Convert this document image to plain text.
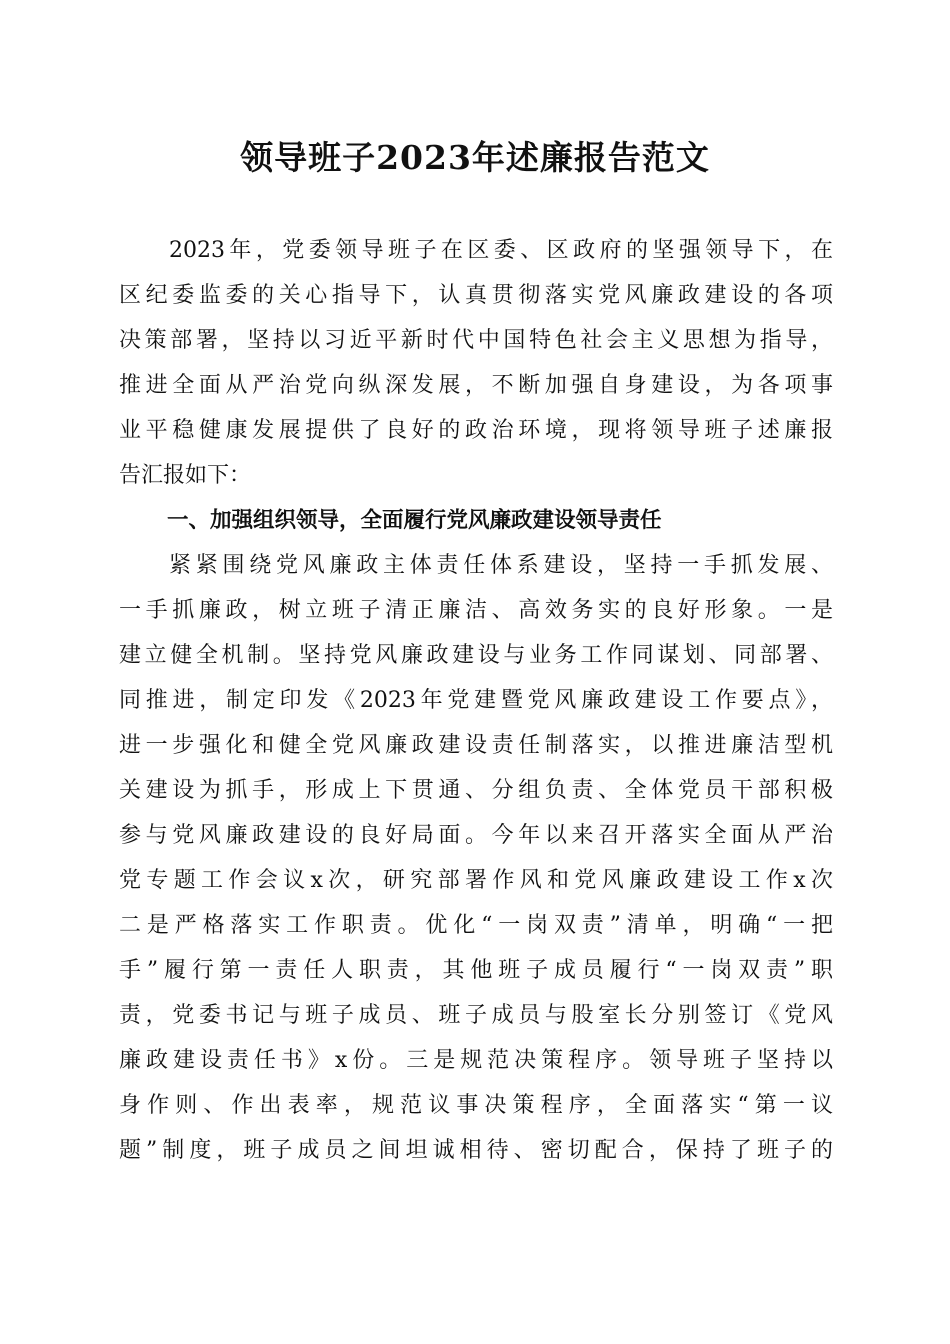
领导班子2023年述廉报告范文
2023年，党委领导班子在区委、区政府的坚强领导下，在
区纪委监委的关心指导下，认真贯彻落实党风廉政建设的各项
决策部署，坚持以习近平新时代中国特色社会主义思想为指导，
推进全面从严治党向纵深发展，不断加强自身建设，为各项事
业平稳健康发展提供了良好的政治环境，现将领导班子述廉报
告汇报如下：
一、加强组织领导，全面履行党风廉政建设领导责任
紧紧围绕党风廉政主体责任体系建设，坚持一手抓发展、
一手抓廉政，树立班子清正廉洁、高效务实的良好形象。一是
建立健全机制。坚持党风廉政建设与业务工作同谋划、同部署、
同推进，制定印发《2023年党建暨党风廉政建设工作要点》，
进一步强化和健全党风廉政建设责任制落实，以推进廉洁型机
关建设为抓手，形成上下贯通、分组负责、全体党员干部积极
参与党风廉政建设的良好局面。今年以来召开落实全面从严治
党专题工作会议x次，研究部署作风和党风廉政建设工作x次
二是严格落实工作职责。优化“一岗双责”清单，明确“一把
手”履行第一责任人职责，其他班子成员履行“一岗双责”职
责，党委书记与班子成员、班子成员与股室长分别签订《党风
廉政建设责任书》x份。三是规范决策程序。领导班子坚持以
身作则、作出表率，规范议事决策程序，全面落实“第一议
题”制度，班子成员之间坦诚相待、密切配合，保持了班子的
